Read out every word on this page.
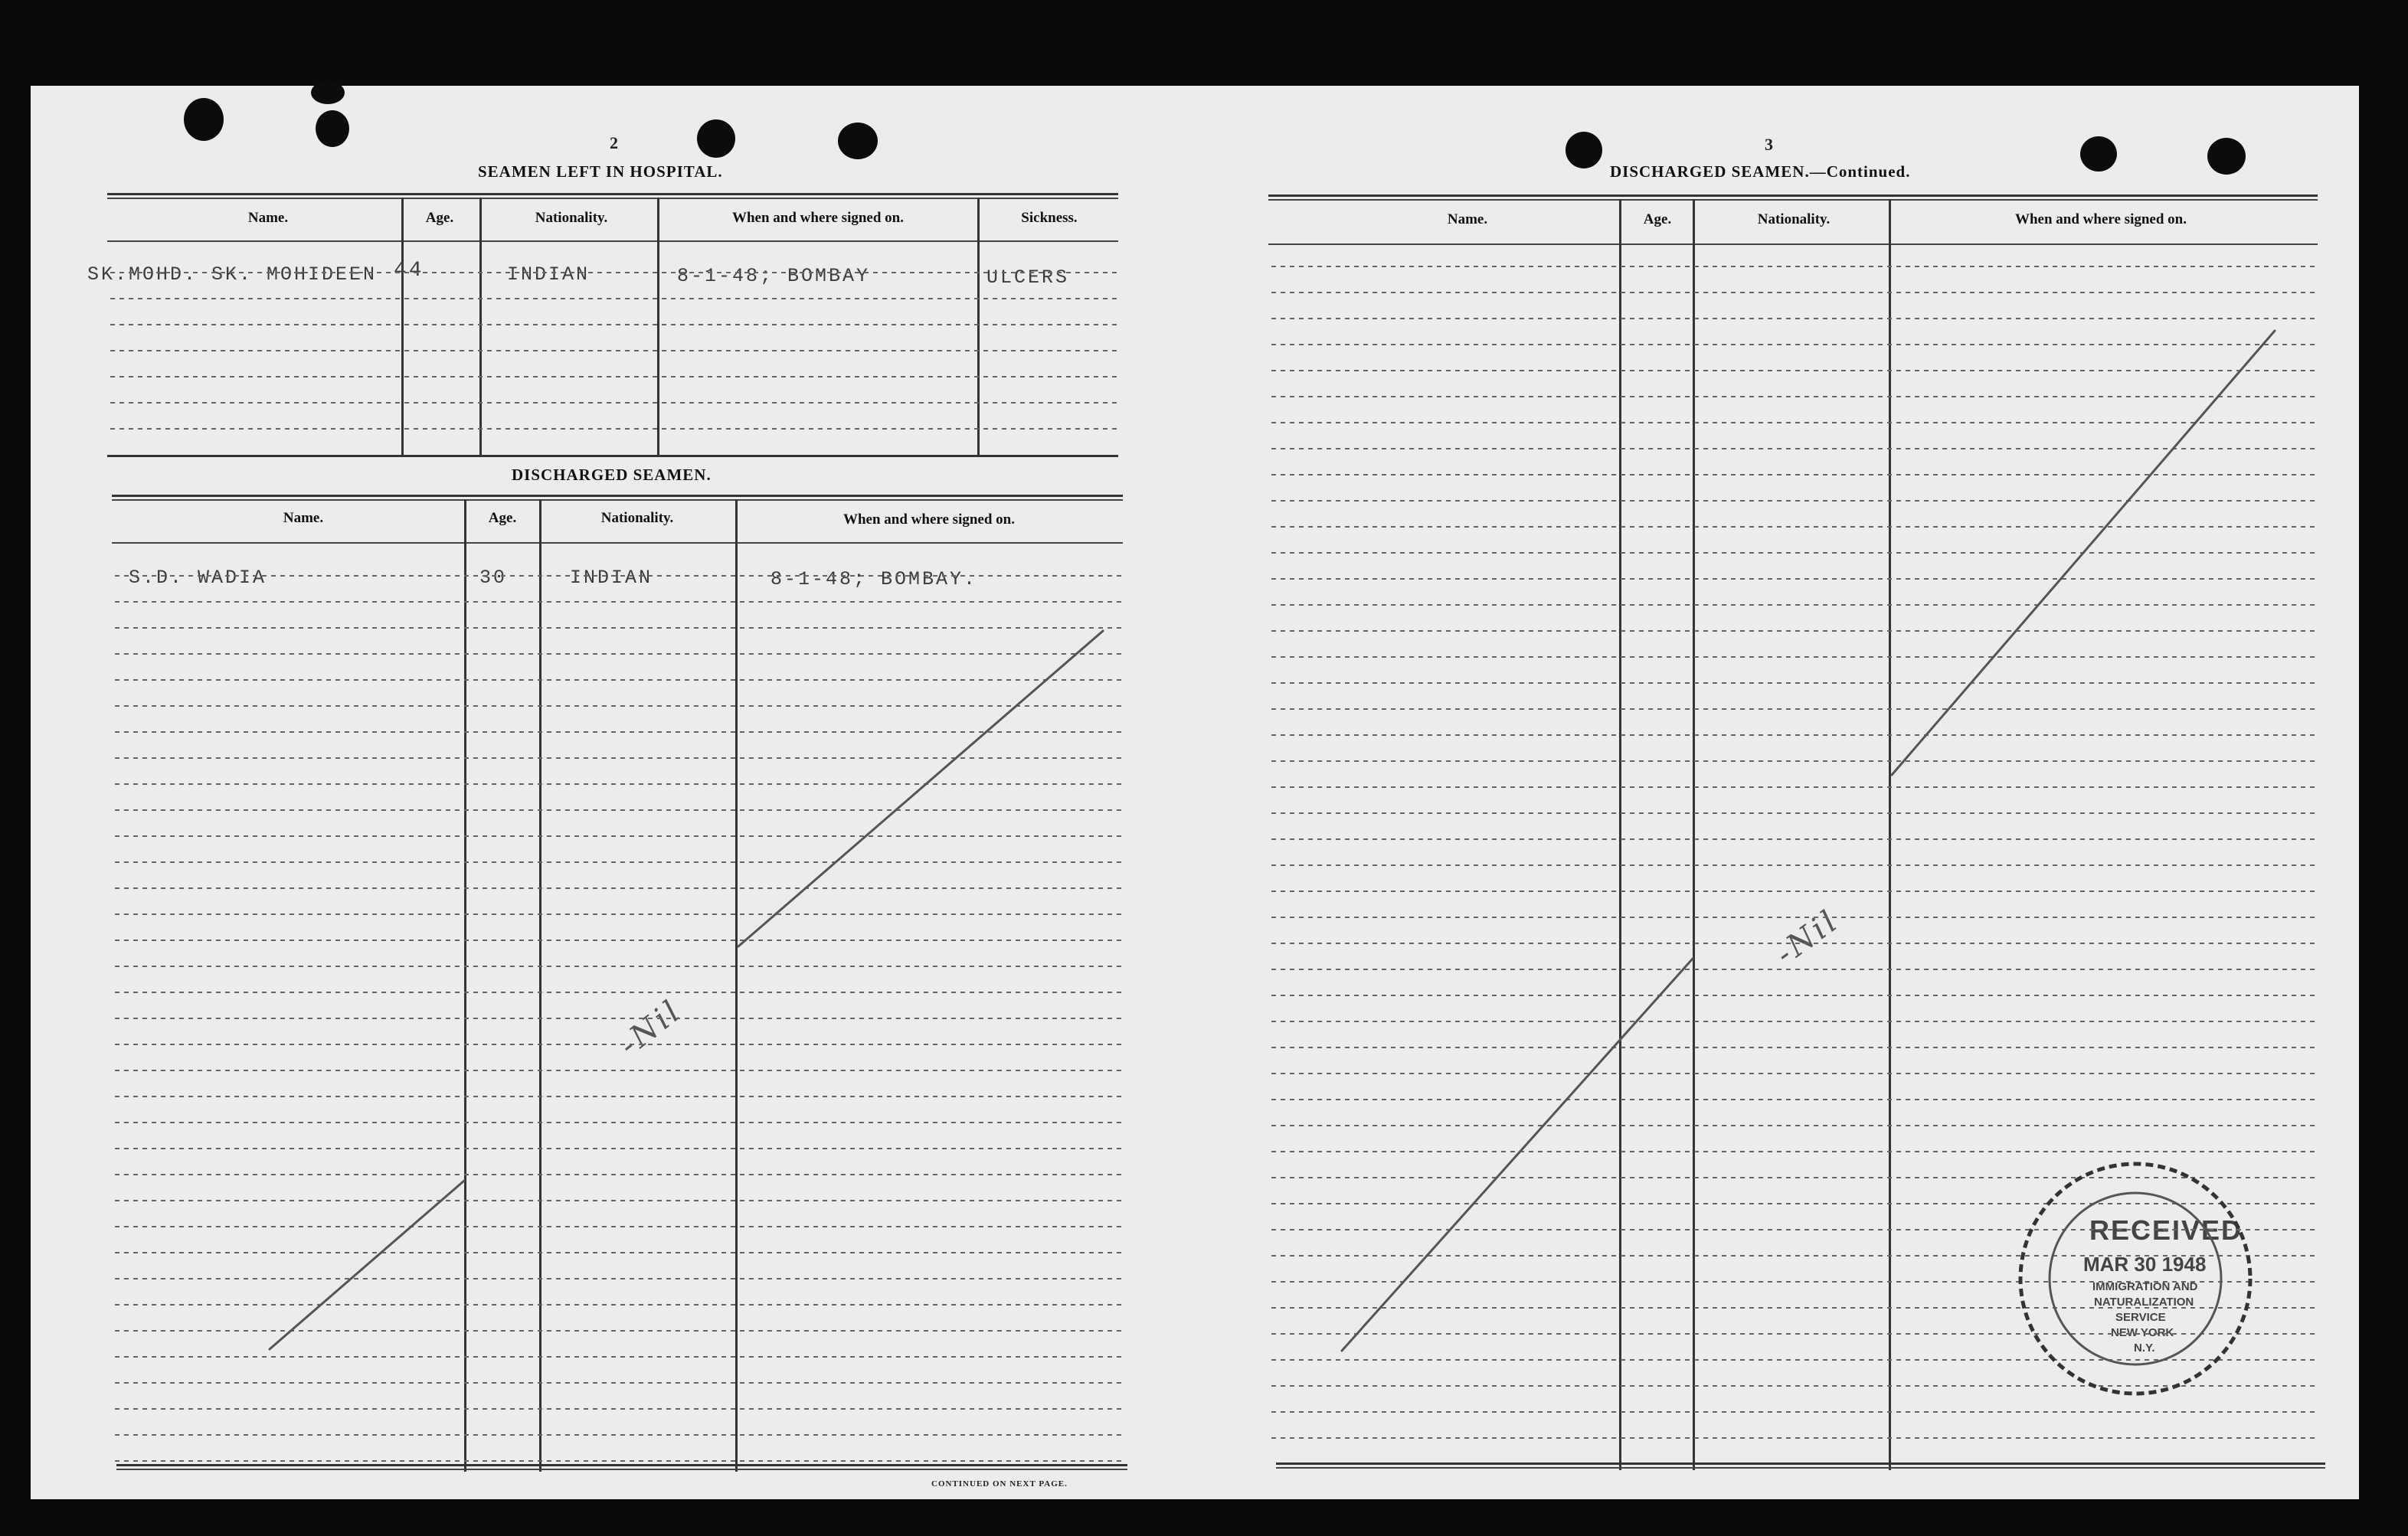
2
SEAMEN LEFT IN HOSPITAL.
Name.	Age.	Nationality.	When and where signed on.	Sickness.
SK.MOHD. SK. MOHIDEEN 44	INDIAN	8-1-48; BOMBAY	ULCERS
DISCHARGED SEAMEN.
Name.	Age.	Nationality.	When and where signed on.
S.D. WADIA	30	INDIAN	8-1-48; BOMBAY.
CONTINUED ON NEXT PAGE.
3
DISCHARGED SEAMEN.—Continued.
Name.	Age.	Nationality.	When and where signed on.
RECEIVED
MAR 30 1948
IMMIGRATION AND
NATURALIZATION
SERVICE
NEW YORK
N.Y.
-Nil
-Nil
